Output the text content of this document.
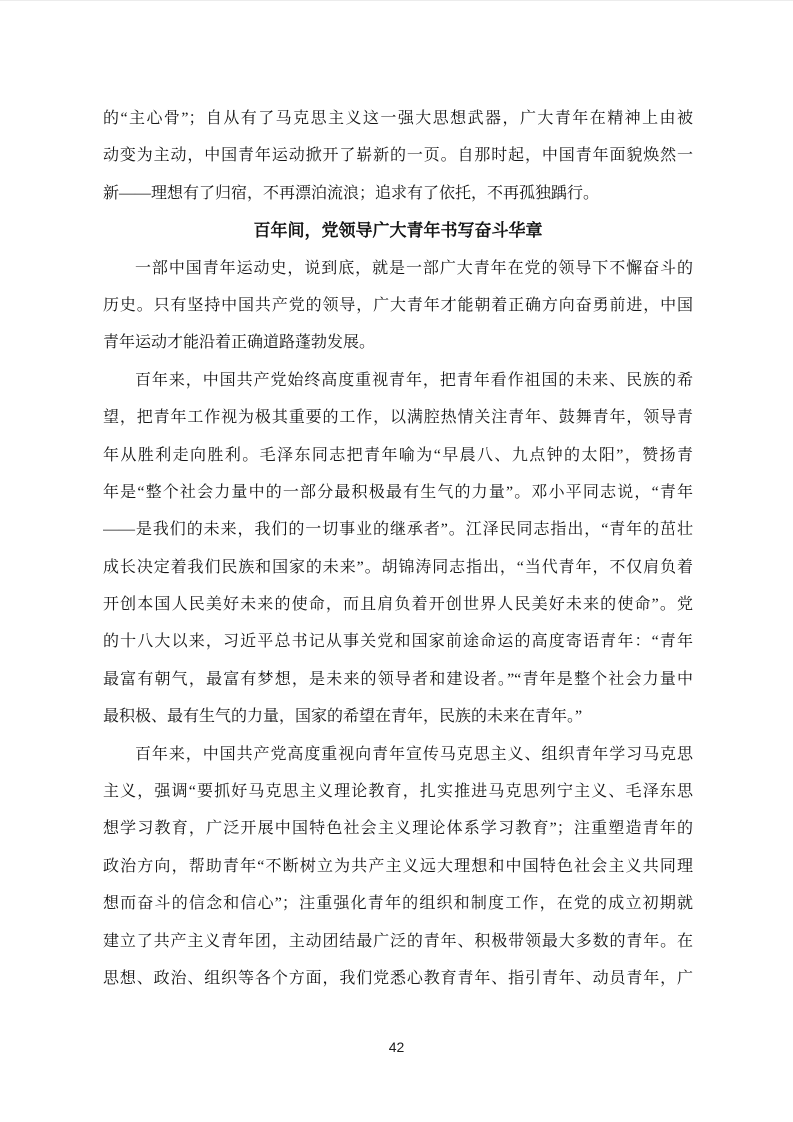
的“主心骨”；自从有了马克思主义这一强大思想武器，广大青年在精神上由被
动变为主动，中国青年运动掀开了崭新的一页。自那时起，中国青年面貌焕然一
新——理想有了归宿，不再漂泊流浪；追求有了依托，不再孤独踽行。
百年间，党领导广大青年书写奋斗华章
一部中国青年运动史，说到底，就是一部广大青年在党的领导下不懈奋斗的
历史。只有坚持中国共产党的领导，广大青年才能朝着正确方向奋勇前进，中国
青年运动才能沿着正确道路蓬勃发展。
百年来，中国共产党始终高度重视青年，把青年看作祖国的未来、民族的希
望，把青年工作视为极其重要的工作，以满腔热情关注青年、鼓舞青年，领导青
年从胜利走向胜利。毛泽东同志把青年喻为“早晨八、九点钟的太阳”，赞扬青
年是“整个社会力量中的一部分最积极最有生气的力量”。邓小平同志说，“青年
——是我们的未来，我们的一切事业的继承者”。江泽民同志指出，“青年的茁壮
成长决定着我们民族和国家的未来”。胡锦涛同志指出，“当代青年，不仅肩负着
开创本国人民美好未来的使命，而且肩负着开创世界人民美好未来的使命”。党
的十八大以来，习近平总书记从事关党和国家前途命运的高度寄语青年：“青年
最富有朝气，最富有梦想，是未来的领导者和建设者。”“青年是整个社会力量中
最积极、最有生气的力量，国家的希望在青年，民族的未来在青年。”
百年来，中国共产党高度重视向青年宣传马克思主义、组织青年学习马克思
主义，强调“要抓好马克思主义理论教育，扎实推进马克思列宁主义、毛泽东思
想学习教育，广泛开展中国特色社会主义理论体系学习教育”；注重塑造青年的
政治方向，帮助青年“不断树立为共产主义远大理想和中国特色社会主义共同理
想而奋斗的信念和信心”；注重强化青年的组织和制度工作，在党的成立初期就
建立了共产主义青年团，主动团结最广泛的青年、积极带领最大多数的青年。在
思想、政治、组织等各个方面，我们党悉心教育青年、指引青年、动员青年，广
42
